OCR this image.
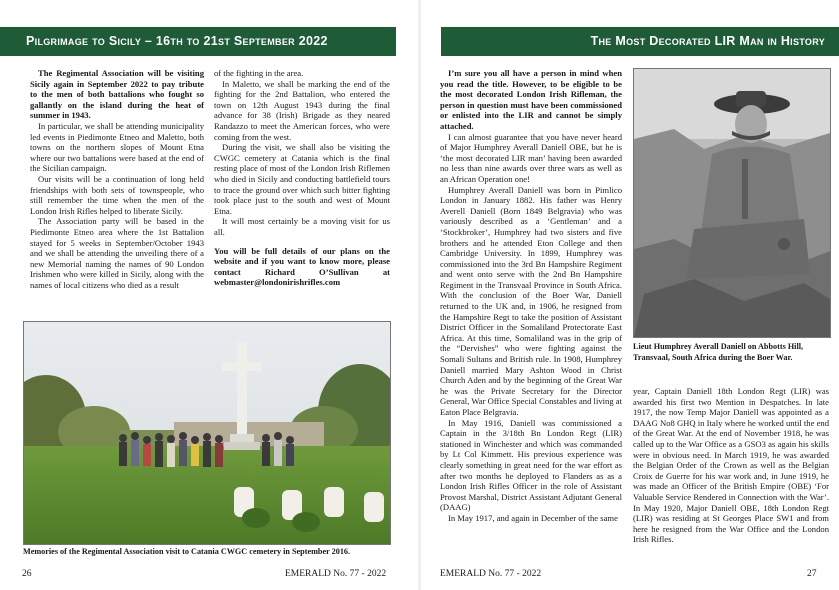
Pilgrimage to Sicily – 16th to 21st September 2022

The Regimental Association will be visiting Sicily again in September 2022 to pay tribute to the men of both battalions who fought so gallantly on the island during the heat of summer in 1943.

In particular, we shall be attending municipality led events in Piedimonte Etneo and Maletto, both towns on the northern slopes of Mount Etna where our two battalions were based at the end of the Sicilian campaign.

Our visits will be a continuation of long held friendships with both sets of townspeople, who still remember the time when the men of the London Irish Rifles helped to liberate Sicily.

The Association party will be based in the Piedimonte Etneo area where the 1st Battalion stayed for 5 weeks in September/October 1943 and we shall be attending the unveiling there of a new Memorial naming the names of 90 London Irishmen who were killed in Sicily, along with the names of local citizens who died as a result

of the fighting in the area.

In Maletto, we shall be marking the end of the fighting for the 2nd Battalion, who entered the town on 12th August 1943 during the final advance for 38 (Irish) Brigade as they neared Randazzo to meet the American forces, who were coming from the west.

During the visit, we shall also be visiting the CWGC cemetery at Catania which is the final resting place of most of the London Irish Riflemen who died in Sicily and conducting battlefield tours to trace the ground over which such bitter fighting took place just to the south and west of Mount Etna.

It will most certainly be a moving visit for us all.

You will be full details of our plans on the website and if you want to know more, please contact Richard O’Sullivan at webmaster@londonirishrifles.com

Memories of the Regimental Association visit to Catania CWGC cemetery in September 2016.
26	EMERALD No. 77 - 2022
The Most Decorated LIR Man in History

I’m sure you all have a person in mind when you read the title. However, to be eligible to be the most decorated London Irish Rifleman, the person in question must have been commissioned or enlisted into the LIR and cannot be simply attached.

I can almost guarantee that you have never heard of Major Humphrey Averall Daniell OBE, but he is ‘the most decorated LIR man’ having been awarded no less than nine awards over three wars as well as an African Operation one!

Humphrey Averall Daniell was born in Pimlico London in January 1882. His father was Henry Averell Daniell (Born 1849 Belgravia) who was variously described as a ‘Gentleman’ and a ‘Stockbroker’, Humphrey had two sisters and five brothers and he attended Eton College and then Cambridge University. In 1899, Humphrey was commissioned into the 3rd Bn Hampshire Regiment and went onto serve with the 2nd Bn Hampshire Regiment in the Transvaal Province in South Africa. With the conclusion of the Boer War, Daniell returned to the UK and, in 1906, he resigned from the Hampshire Regt to take the position of Assistant District Officer in the Somaliland Protectorate East Africa. At this time, Somaliland was in the grip of the “Dervishes” who were fighting against the Somali Sultans and British rule. In 1908, Humphrey Daniell married Mary Ashton Wood in Christ Church Aden and by the beginning of the Great War he was the Private Secretary for the Director General, War Office Special Constables and living at Eaton Place Belgravia.

In May 1916, Daniell was commissioned a Captain in the 3/18th Bn London Regt (LIR) stationed in Winchester and which was commanded by Lt Col Kimmett. His previous experience was clearly something in great need for the war effort as after two months he deployed to Flanders as as a London Irish Rifles Officer in the role of Assistant Provost Marshal, District Assistant Adjutant General (DAAG)

In May 1917, and again in December of the same

Lieut Humphrey Averall Daniell on Abbotts Hill, Transvaal, South Africa during the Boer War.

year, Captain Daniell 18th London Regt (LIR) was awarded his first two Mention in Despatches. In late 1917, the now Temp Major Daniell was appointed as a DAAG No8 GHQ in Italy where he worked until the end of the Great War. At the end of November 1918, he was called up to the War Office as a GSO3 as again his skills were in obvious need. In March 1919, he was awarded the Belgian Order of the Crown as well as the Belgian Croix de Guerre for his war work and, in June 1919, he was made an Officer of the British Empire (OBE) ‘For Valuable Service Rendered in Connection with the War’. In May 1920, Major Daniell OBE, 18th London Regt (LIR) was residing at St Georges Place SW1 and from here he resigned from the War Office and the London Irish Rifles.

EMERALD No. 77 - 2022	27
